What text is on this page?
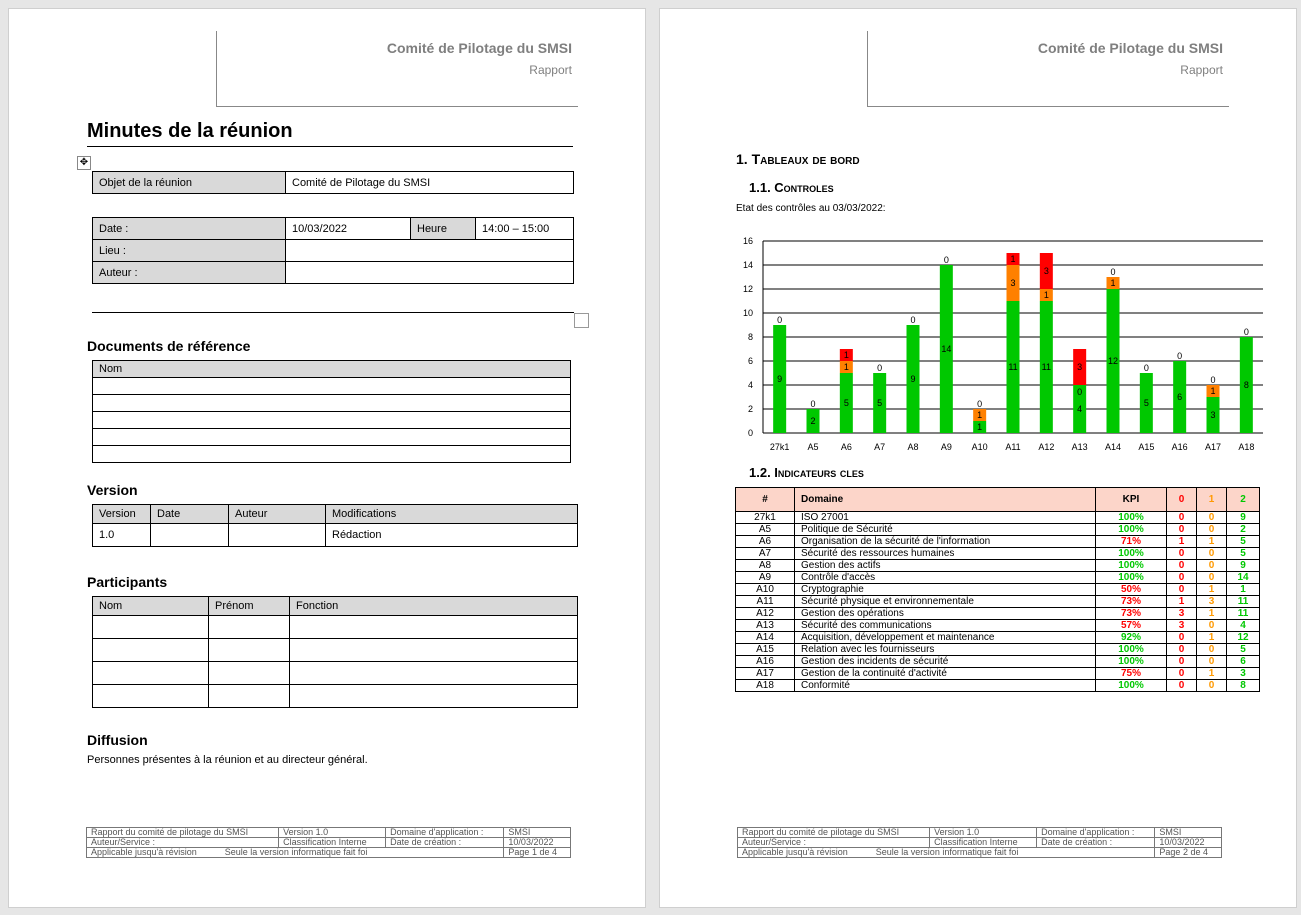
Comité de Pilotage du SMSI
Rapport
Minutes de la réunion
✥
Objet de la réunion	Comité de Pilotage du SMSI
Date :	10/03/2022	Heure	14:00 – 15:00
Lieu :			
Auteur :			
Documents de référence
Nom

Version
Version	Date	Auteur	Modifications
1.0			Rédaction
Participants
Nom	Prénom	Fonction

Diffusion
Personnes présentes à la réunion et au directeur général.
Rapport du comité de pilotage du SMSI	Version 1.0	Domaine d'application :	SMSI
Auteur/Service :	Classification Interne	Date de création :	10/03/2022
Applicable jusqu'à révision Seule la version informatique fait foi			Page 1 de 4
Comité de Pilotage du SMSI
Rapport
1. Tableaux de bord
1.1. Controles
Etat des contrôles au 03/03/2022:
0
2
4
6
8
10
12
14
16
27k1 A5 A6 A7 A8 A9 A10 A11 A12 A13 A14 A15 A16 A17 A18
9
0
2
0	5
1
1
5
0
9
0
14
0
1
1
0
11
3
1
11
1
3
4
0
3
12
1
0
5
0
6
0
3
1
0	8
0
1.2. Indicateurs cles
#	Domaine	KPI	0	1	2
27k1	ISO 27001	100%	0	0	9
A5	Politique de Sécurité	100%	0	0	2
A6	Organisation de la sécurité de l'information	71%	1	1	5
A7	Sécurité des ressources humaines	100%	0	0	5
A8	Gestion des actifs	100%	0	0	9
A9	Contrôle d'accès	100%	0	0	14
A10	Cryptographie	50%	0	1	1
A11	Sécurité physique et environnementale	73%	1	3	11
A12	Gestion des opérations	73%	3	1	11
A13	Sécurité des communications	57%	3	0	4
A14	Acquisition, développement et maintenance	92%	0	1	12
A15	Relation avec les fournisseurs	100%	0	0	5
A16	Gestion des incidents de sécurité	100%	0	0	6
A17	Gestion de la continuité d'activité	75%	0	1	3
A18	Conformité	100%	0	0	8
Rapport du comité de pilotage du SMSI	Version 1.0	Domaine d'application :	SMSI
Auteur/Service :	Classification Interne	Date de création :	10/03/2022
Applicable jusqu'à révision Seule la version informatique fait foi			Page 2 de 4
